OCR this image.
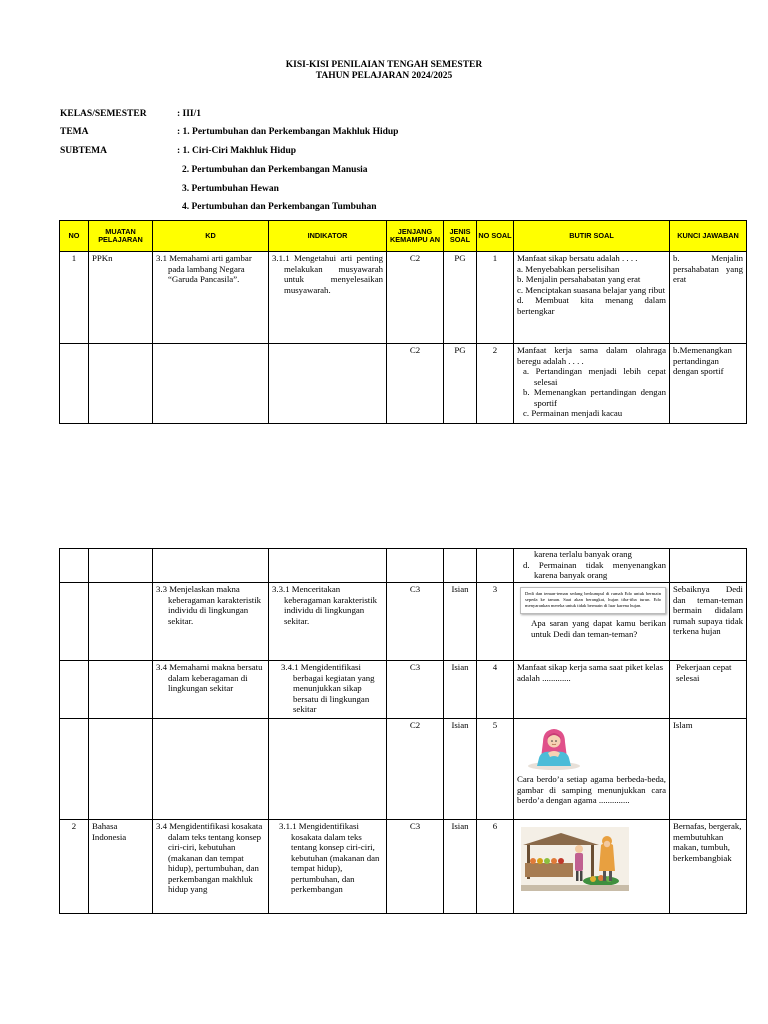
KISI-KISI PENILAIAN TENGAH SEMESTER
TAHUN PELAJARAN 2024/2025
KELAS/SEMESTER	: III/1
TEMA	: 1. Pertumbuhan dan Perkembangan Makhluk Hidup
SUBTEMA	: 1. Ciri-Ciri Makhluk Hidup
2. Pertumbuhan dan Perkembangan Manusia
3. Pertumbuhan Hewan
4. Pertumbuhan dan Perkembangan Tumbuhan
NO	MUATAN PELAJARAN	KD	INDIKATOR	JENJANG KEMAMPU AN	JENIS SOAL	NO SOAL	BUTIR SOAL	KUNCI JAWABAN
1	PPKn	3.1 Memahami arti gambar pada lambang Negara “Garuda Pancasila”.	3.1.1 Mengetahui arti penting melakukan musyawarah untuk menyelesaikan musyawarah.	C2	PG	1	Manfaat sikap bersatu adalah . . . .
a. Menyebabkan perselisihan
b. Menjalin persahabatan yang erat
c. Menciptakan suasana belajar yang ribut
d. Membuat kita menang dalam bertengkar	b. Menjalin persahabatan yang erat
				C2	PG	2	Manfaat kerja sama dalam olahraga beregu adalah . . . .
a. Pertandingan menjadi lebih cepat selesai
b. Memenangkan pertandingan dengan sportif
c. Permainan menjadi kacau	b.Memenangkan pertandingan dengan sportif

							karena terlalu banyak orang
d. Permainan tidak menyenangkan karena banyak orang	

		3.3 Menjelaskan makna keberagaman karakteristik individu di lingkungan sekitar.	3.3.1 Menceritakan keberagaman karakteristik individu di lingkungan sekitar.	C3	Isian	3	Dedi dan teman-teman sedang berkumpul di rumah Edo untuk bermain sepeda ke taman. Saat akan berangkat, hujan tiba-tiba turun. Edo menyarankan mereka untuk tidak bermain di luar karena hujan.
Apa saran yang dapat kamu berikan untuk Dedi dan teman-teman?	Sebaiknya Dedi dan teman-teman bermain didalam rumah supaya tidak terkena hujan
		3.4 Memahami makna bersatu dalam keberagaman di lingkungan sekitar	3.4.1 Mengidentifikasi berbagai kegiatan yang menunjukkan sikap bersatu di lingkungan sekitar	C3	Isian	4	Manfaat sikap kerja sama saat piket kelas adalah .............	Pekerjaan cepat selesai
				C2	Isian	5	Cara berdo’a setiap agama berbeda-beda, gambar di samping menunjukkan cara berdo’a dengan agama ..............	Islam
2	Bahasa Indonesia	3.4 Mengidentifikasi kosakata dalam teks tentang konsep ciri-ciri, kebutuhan (makanan dan tempat hidup), pertumbuhan, dan perkembangan makhluk hidup yang	3.1.1 Mengidentifikasi kosakata dalam teks tentang konsep ciri-ciri, kebutuhan (makanan dan tempat hidup), pertumbuhan, dan perkembangan	C3	Isian	6		Bernafas, bergerak, membutuhkan makan, tumbuh, berkembangbiak
